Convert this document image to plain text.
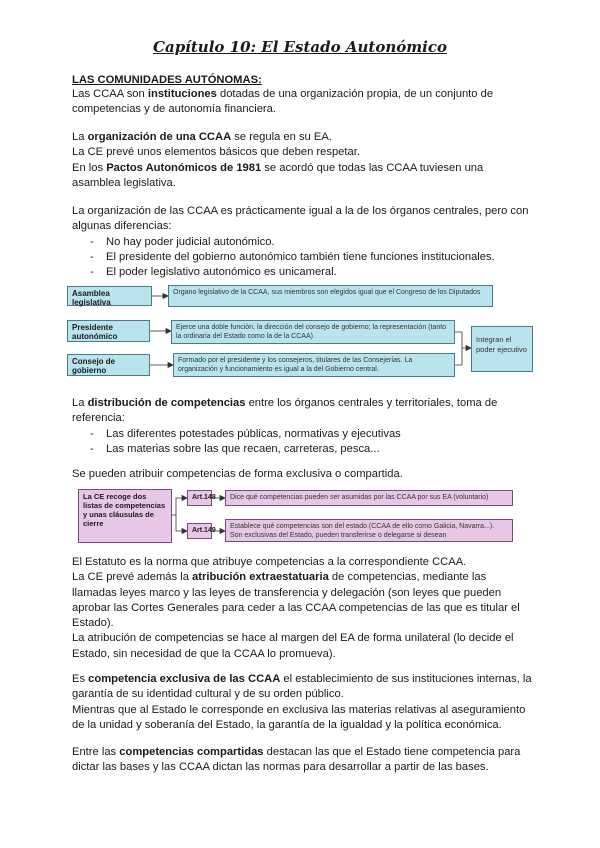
Capítulo 10: El Estado Autonómico
LAS COMUNIDADES AUTÓNOMAS:
Las CCAA son instituciones dotadas de una organización propia, de un conjunto de competencias y de autonomía financiera.
La organización de una CCAA se regula en su EA.
La CE prevé unos elementos básicos que deben respetar.
En los Pactos Autonómicos de 1981 se acordó que todas las CCAA tuviesen una asamblea legislativa.
La organización de las CCAA es prácticamente igual a la de los órganos centrales, pero con algunas diferencias:
- No hay poder judicial autonómico.
- El presidente del gobierno autonómico también tiene funciones institucionales.
- El poder legislativo autonómico es unicameral.
Asamblea legislativa
Órgano legislativo de la CCAA, sus miembros son elegidos igual que el Congreso de los Diputados
Presidente autonómico
Ejerce una doble función, la dirección del consejo de gobierno; la representación (tanto la ordinaria del Estado como la de la CCAA)
Consejo de gobierno
Formado por el presidente y los consejeros, titulares de las Consejerías. La organización y funcionamiento es igual a la del Gobierno central.
Integran el poder ejecutivo
La distribución de competencias entre los órganos centrales y territoriales, toma de referencia:
- Las diferentes potestades públicas, normativas y ejecutivas
- Las materias sobre las que recaen, carreteras, pesca...
Se pueden atribuir competencias de forma exclusiva o compartida.
La CE recoge dos listas de competencias y unas cláusulas de cierre
Art.148	Dice qué competencias pueden ser asumidas por las CCAA por sus EA (voluntario)
Art.149
Establece qué competencias son del estado (CCAA de ello como Galicia, Navarra...). Son exclusivas del Estado, pueden transferirse o delegarse si desean
El Estatuto es la norma que atribuye competencias a la correspondiente CCAA.
La CE prevé además la atribución extraestatuaria de competencias, mediante las llamadas leyes marco y las leyes de transferencia y delegación (son leyes que pueden aprobar las Cortes Generales para ceder a las CCAA competencias de las que es titular el Estado).
La atribución de competencias se hace al margen del EA de forma unilateral (lo decide el Estado, sin necesidad de que la CCAA lo promueva).
Es competencia exclusiva de las CCAA el establecimiento de sus instituciones internas, la garantía de su identidad cultural y de su orden público.
Mientras que al Estado le corresponde en exclusiva las materias relativas al aseguramiento de la unidad y soberanía del Estado, la garantía de la igualdad y la política económica.
Entre las competencias compartidas destacan las que el Estado tiene competencia para dictar las bases y las CCAA dictan las normas para desarrollar a partir de las bases.
